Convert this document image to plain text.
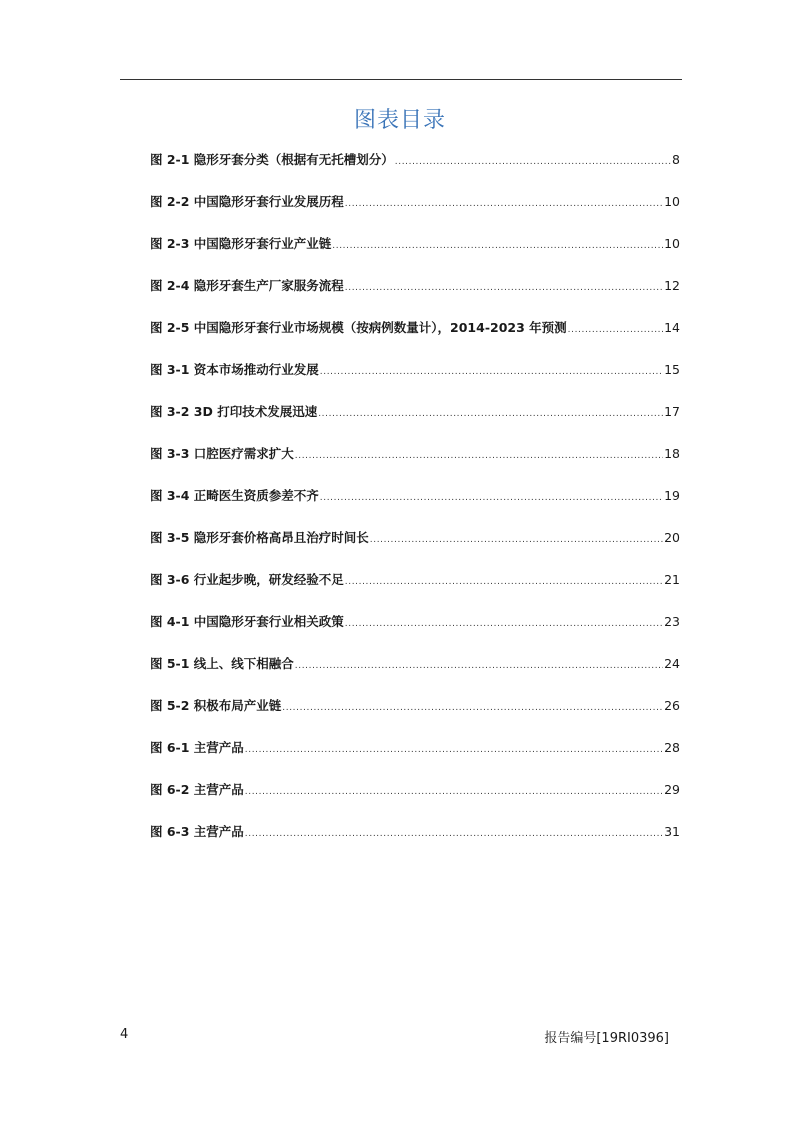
图表目录
图 2-1 隐形牙套分类（根据有无托槽划分） .....	8
图 2-2 中国隐形牙套行业发展历程 .....	10
图 2-3 中国隐形牙套行业产业链 .....	10
图 2-4 隐形牙套生产厂家服务流程 .....	12
图 2-5 中国隐形牙套行业市场规模（按病例数量计），2014-2023 年预测 .....	14
图 3-1 资本市场推动行业发展 .....	15
图 3-2 3D 打印技术发展迅速 .....	17
图 3-3 口腔医疗需求扩大 .....	18
图 3-4 正畸医生资质参差不齐 .....	19
图 3-5 隐形牙套价格高昂且治疗时间长 .....	20
图 3-6 行业起步晚，研发经验不足 .....	21
图 4-1 中国隐形牙套行业相关政策 .....	23
图 5-1 线上、线下相融合 .....	24
图 5-2 积极布局产业链 .....	26
图 6-1 主营产品 .....	28
图 6-2 主营产品 .....	29
图 6-3 主营产品 .....	31
4	报告编号[19RI0396]
